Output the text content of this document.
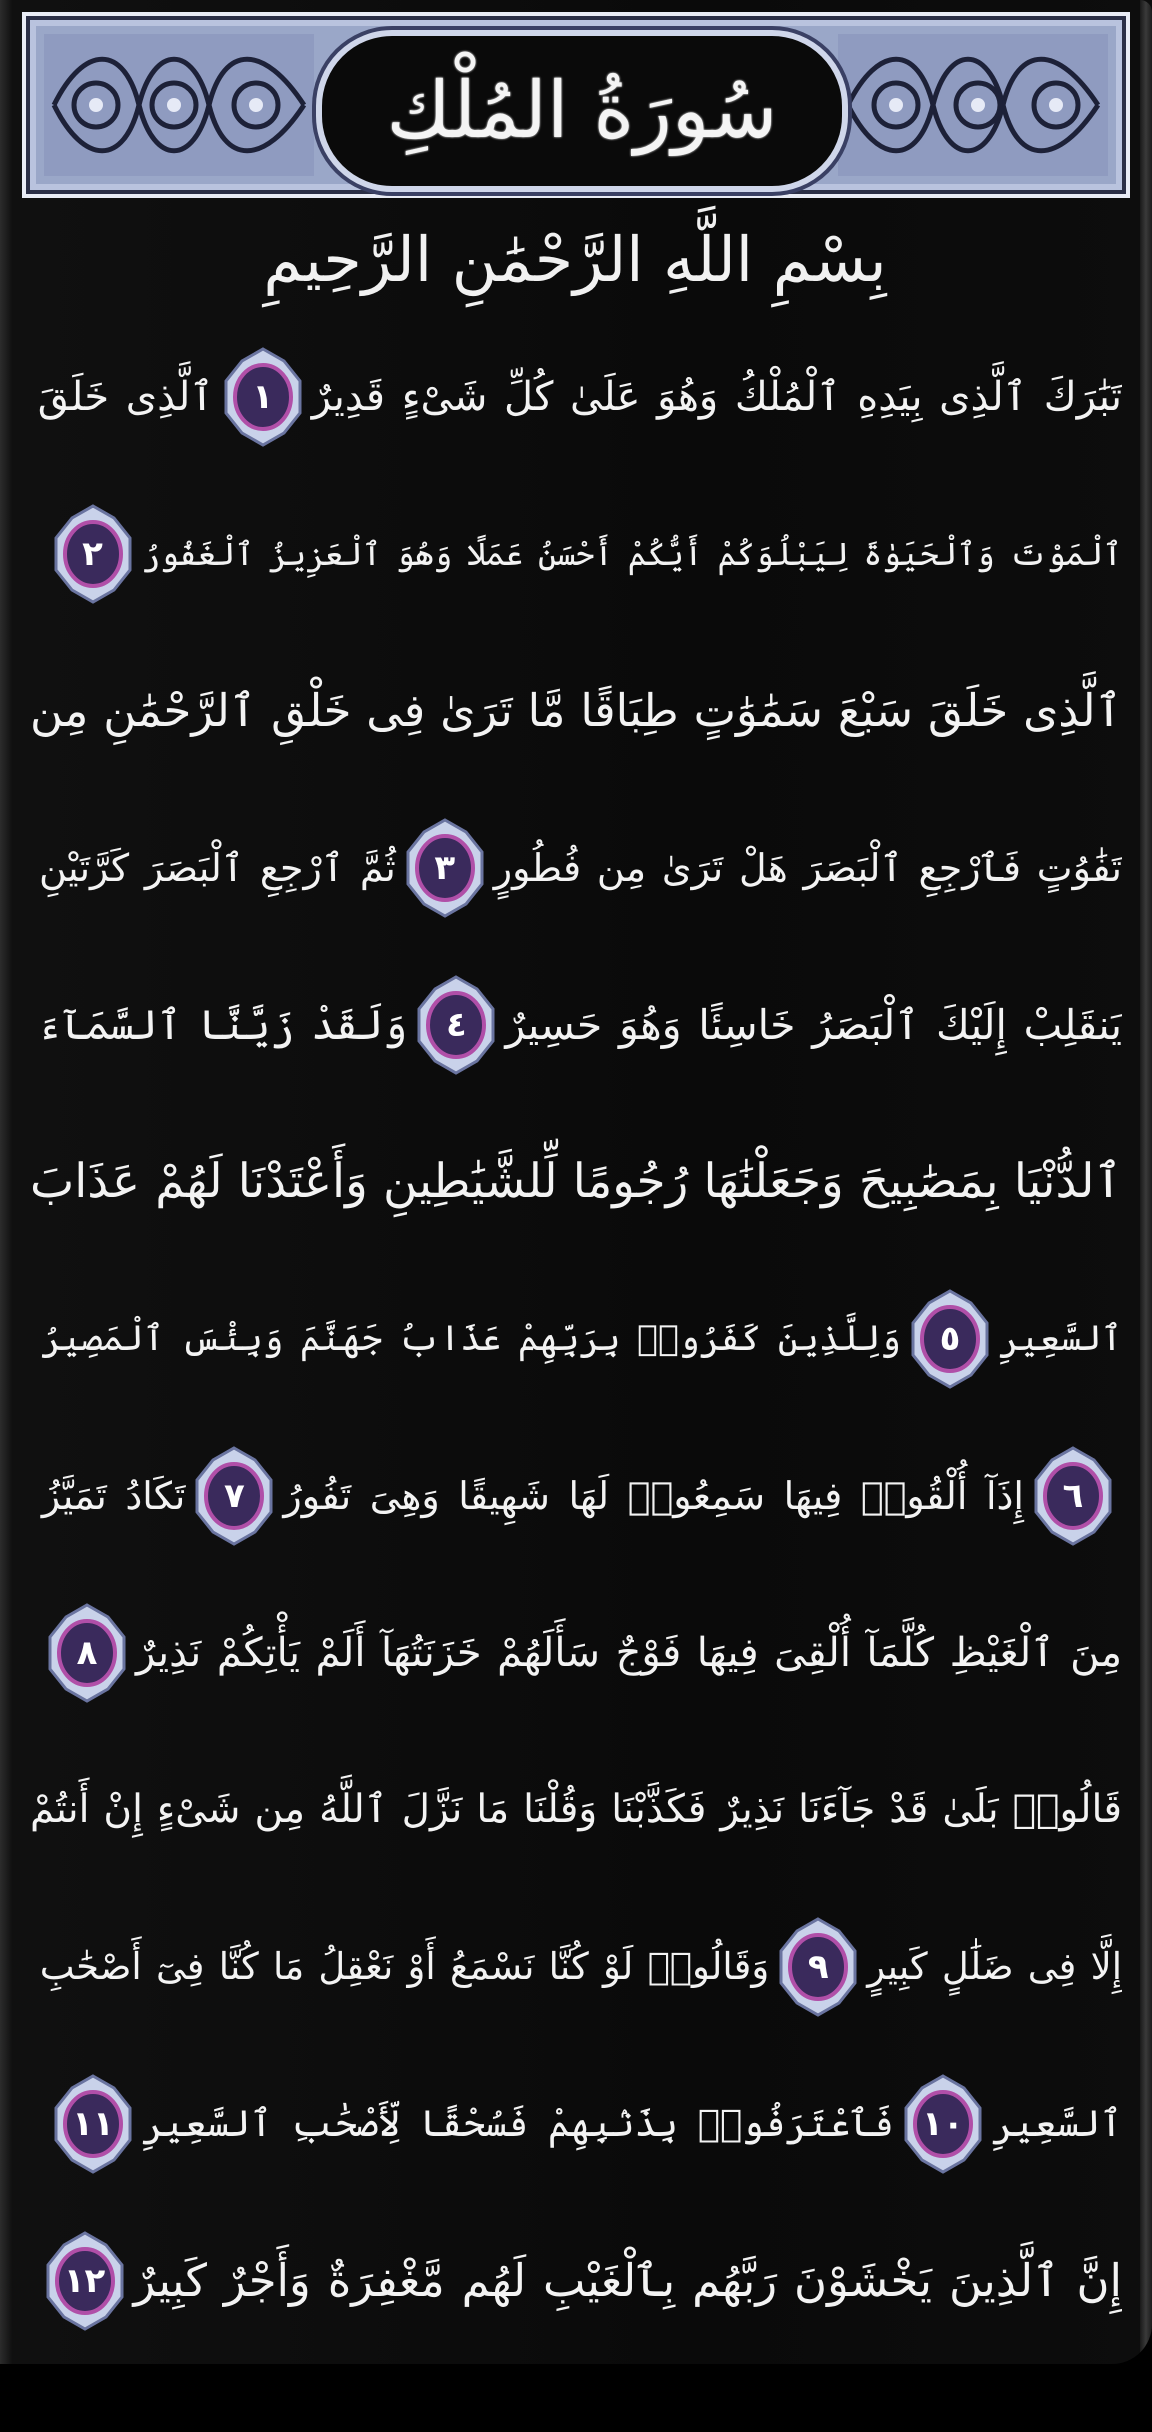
سُورَةُ المُلْكِ
بِسْمِ اللَّهِ الرَّحْمَٰنِ الرَّحِيمِ
تَبَٰرَكَ ٱلَّذِى بِيَدِهِ ٱلْمُلْكُ وَهُوَ عَلَىٰ كُلِّ شَىْءٍ قَدِيرٌ
١
ٱلَّذِى خَلَقَ
ٱلْمَوْتَ وَٱلْحَيَوٰةَ لِيَبْلُوَكُمْ أَيُّكُمْ أَحْسَنُ عَمَلًا وَهُوَ ٱلْعَزِيزُ ٱلْغَفُورُ
٢
ٱلَّذِى خَلَقَ سَبْعَ سَمَٰوَٰتٍ طِبَاقًا مَّا تَرَىٰ فِى خَلْقِ ٱلرَّحْمَٰنِ مِن
تَفَٰوُتٍ فَٱرْجِعِ ٱلْبَصَرَ هَلْ تَرَىٰ مِن فُطُورٍ
٣
ثُمَّ ٱرْجِعِ ٱلْبَصَرَ كَرَّتَيْنِ
يَنقَلِبْ إِلَيْكَ ٱلْبَصَرُ خَاسِئًا وَهُوَ حَسِيرٌ
٤
وَلَقَدْ زَيَّنَّا ٱلسَّمَآءَ
ٱلدُّنْيَا بِمَصَٰبِيحَ وَجَعَلْنَٰهَا رُجُومًا لِّلشَّيَٰطِينِ وَأَعْتَدْنَا لَهُمْ عَذَابَ
ٱلسَّعِيرِ
٥
وَلِلَّذِينَ كَفَرُوا۟ بِرَبِّهِمْ عَذَابُ جَهَنَّمَ وَبِئْسَ ٱلْمَصِيرُ
٦
إِذَآ أُلْقُوا۟ فِيهَا سَمِعُوا۟ لَهَا شَهِيقًا وَهِىَ تَفُورُ
٧
تَكَادُ تَمَيَّزُ
مِنَ ٱلْغَيْظِ كُلَّمَآ أُلْقِىَ فِيهَا فَوْجٌ سَأَلَهُمْ خَزَنَتُهَآ أَلَمْ يَأْتِكُمْ نَذِيرٌ
٨
قَالُوا۟ بَلَىٰ قَدْ جَآءَنَا نَذِيرٌ فَكَذَّبْنَا وَقُلْنَا مَا نَزَّلَ ٱللَّهُ مِن شَىْءٍ إِنْ أَنتُمْ
إِلَّا فِى ضَلَٰلٍ كَبِيرٍ
٩
وَقَالُوا۟ لَوْ كُنَّا نَسْمَعُ أَوْ نَعْقِلُ مَا كُنَّا فِىٓ أَصْحَٰبِ
ٱلسَّعِيرِ
١٠
فَٱعْتَرَفُوا۟ بِذَنۢبِهِمْ فَسُحْقًا لِّأَصْحَٰبِ ٱلسَّعِيرِ
١١
إِنَّ ٱلَّذِينَ يَخْشَوْنَ رَبَّهُم بِٱلْغَيْبِ لَهُم مَّغْفِرَةٌ وَأَجْرٌ كَبِيرٌ
١٢
